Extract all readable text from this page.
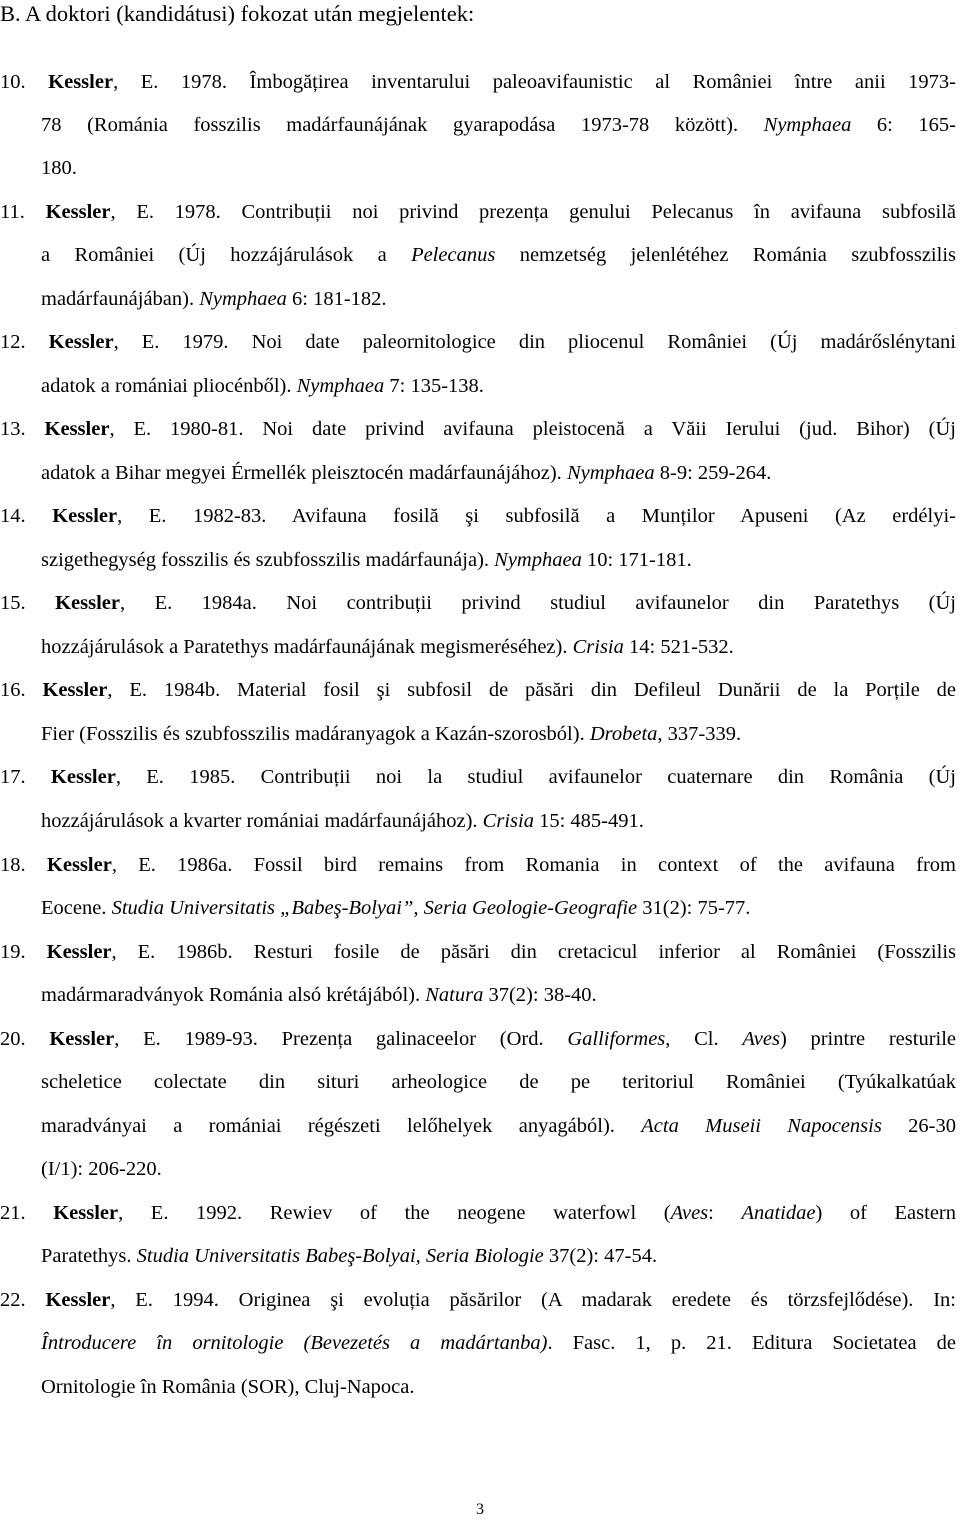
B. A doktori (kandidátusi) fokozat után megjelentek:
10. Kessler, E. 1978. Îmbogățirea inventarului paleoavifaunistic al României între anii 1973-
78 (Románia fosszilis madárfaunájának gyarapodása 1973-78 között). Nymphaea 6: 165-
180.
11. Kessler, E. 1978. Contribuții noi privind prezența genului Pelecanus în avifauna subfosilă
a României (Új hozzájárulások a Pelecanus nemzetség jelenlétéhez Románia szubfosszilis
madárfaunájában). Nymphaea 6: 181-182.
12. Kessler, E. 1979. Noi date paleornitologice din pliocenul României (Új madárőslénytani
adatok a romániai pliocénből). Nymphaea 7: 135-138.
13. Kessler, E. 1980-81. Noi date privind avifauna pleistocenă a Văii Ierului (jud. Bihor) (Új
adatok a Bihar megyei Érmellék pleisztocén madárfaunájához). Nymphaea 8-9: 259-264.
14. Kessler, E. 1982-83. Avifauna fosilă şi subfosilă a Munților Apuseni (Az erdélyi-
szigethegység fosszilis és szubfosszilis madárfaunája). Nymphaea 10: 171-181.
15. Kessler, E. 1984a. Noi contribuții privind studiul avifaunelor din Paratethys (Új
hozzájárulások a Paratethys madárfaunájának megismeréséhez). Crisia 14: 521-532.
16. Kessler, E. 1984b. Material fosil şi subfosil de păsări din Defileul Dunării de la Porțile de
Fier (Fosszilis és szubfosszilis madáranyagok a Kazán-szorosból). Drobeta, 337-339.
17. Kessler, E. 1985. Contribuții noi la studiul avifaunelor cuaternare din România (Új
hozzájárulások a kvarter romániai madárfaunájához). Crisia 15: 485-491.
18. Kessler, E. 1986a. Fossil bird remains from Romania in context of the avifauna from
Eocene. Studia Universitatis „Babeş-Bolyai”, Seria Geologie-Geografie 31(2): 75-77.
19. Kessler, E. 1986b. Resturi fosile de păsări din cretacicul inferior al României (Fosszilis
madármaradványok Románia alsó krétájából). Natura 37(2): 38-40.
20. Kessler, E. 1989-93. Prezența galinaceelor (Ord. Galliformes, Cl. Aves) printre resturile
scheletice colectate din situri arheologice de pe teritoriul României (Tyúkalkatúak
maradványai a romániai régészeti lelőhelyek anyagából). Acta Museii Napocensis 26-30
(I/1): 206-220.
21. Kessler, E. 1992. Rewiev of the neogene waterfowl (Aves: Anatidae) of Eastern
Paratethys. Studia Universitatis Babeş-Bolyai, Seria Biologie 37(2): 47-54.
22. Kessler, E. 1994. Originea şi evoluția păsărilor (A madarak eredete és törzsfejlődése). In:
Întroducere în ornitologie (Bevezetés a madártanba). Fasc. 1, p. 21. Editura Societatea de
Ornitologie în România (SOR), Cluj-Napoca.
3
